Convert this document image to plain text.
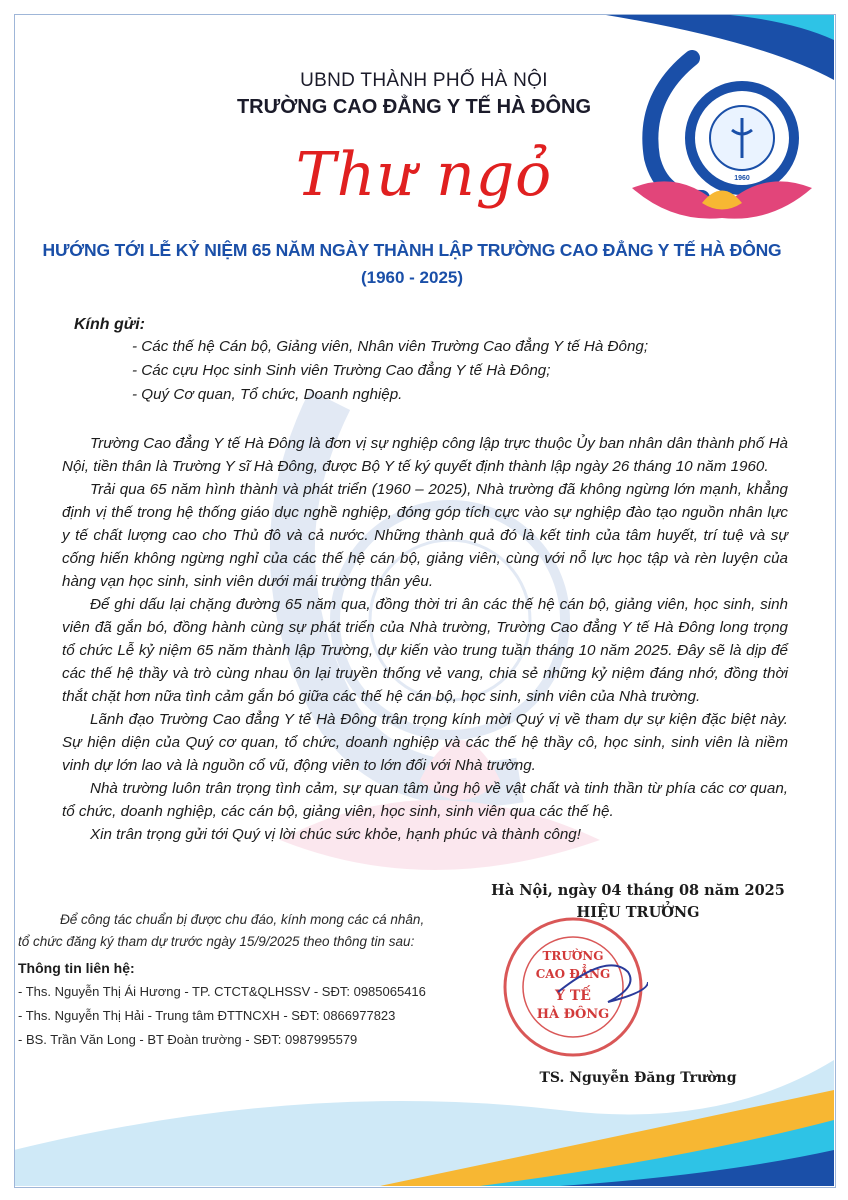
1960-2025
1960
UBND THÀNH PHỐ HÀ NỘI
TRƯỜNG CAO ĐẲNG Y TẾ HÀ ĐÔNG
Thư ngỏ
HƯỚNG TỚI LỄ KỶ NIỆM 65 NĂM NGÀY THÀNH LẬP TRƯỜNG CAO ĐẲNG Y TẾ HÀ ĐÔNG
(1960 - 2025)
Kính gửi:
- Các thế hệ Cán bộ, Giảng viên, Nhân viên Trường Cao đẳng Y tế Hà Đông;
- Các cựu Học sinh Sinh viên Trường Cao đẳng Y tế Hà Đông;
- Quý Cơ quan, Tổ chức, Doanh nghiệp.

Trường Cao đẳng Y tế Hà Đông là đơn vị sự nghiệp công lập trực thuộc Ủy ban nhân dân thành phố Hà Nội, tiền thân là Trường Y sĩ Hà Đông, được Bộ Y tế ký quyết định thành lập ngày 26 tháng 10 năm 1960.

Trải qua 65 năm hình thành và phát triển (1960 – 2025), Nhà trường đã không ngừng lớn mạnh, khẳng định vị thế trong hệ thống giáo dục nghề nghiệp, đóng góp tích cực vào sự nghiệp đào tạo nguồn nhân lực y tế chất lượng cao cho Thủ đô và cả nước. Những thành quả đó là kết tinh của tâm huyết, trí tuệ và sự cống hiến không ngừng nghỉ của các thế hệ cán bộ, giảng viên, cùng với nỗ lực học tập và rèn luyện của hàng vạn học sinh, sinh viên dưới mái trường thân yêu.

Để ghi dấu lại chặng đường 65 năm qua, đồng thời tri ân các thế hệ cán bộ, giảng viên, học sinh, sinh viên đã gắn bó, đồng hành cùng sự phát triển của Nhà trường, Trường Cao đẳng Y tế Hà Đông long trọng tổ chức Lễ kỷ niệm 65 năm thành lập Trường, dự kiến vào trung tuần tháng 10 năm 2025. Đây sẽ là dịp để các thế hệ thầy và trò cùng nhau ôn lại truyền thống vẻ vang, chia sẻ những kỷ niệm đáng nhớ, đồng thời thắt chặt hơn nữa tình cảm gắn bó giữa các thế hệ cán bộ, học sinh, sinh viên của Nhà trường.

Lãnh đạo Trường Cao đẳng Y tế Hà Đông trân trọng kính mời Quý vị về tham dự sự kiện đặc biệt này. Sự hiện diện của Quý cơ quan, tổ chức, doanh nghiệp và các thế hệ thầy cô, học sinh, sinh viên là niềm vinh dự lớn lao và là nguồn cổ vũ, động viên to lớn đối với Nhà trường.

Nhà trường luôn trân trọng tình cảm, sự quan tâm ủng hộ về vật chất và tinh thần từ phía các cơ quan, tổ chức, doanh nghiệp, các cán bộ, giảng viên, học sinh, sinh viên qua các thế hệ.

Xin trân trọng gửi tới Quý vị lời chúc sức khỏe, hạnh phúc và thành công!

Hà Nội, ngày 04 tháng 08 năm 2025
HIỆU TRƯỞNG
TRƯỜNG
CAO ĐẲNG
Y TẾ
HÀ ĐÔNG
TS. Nguyễn Đăng Trường
Để công tác chuẩn bị được chu đáo, kính mong các cá nhân,
tổ chức đăng ký tham dự trước ngày 15/9/2025 theo thông tin sau:
Thông tin liên hệ:
- Ths. Nguyễn Thị Ái Hương - TP. CTCT&QLHSSV - SĐT: 0985065416
- Ths. Nguyễn Thị Hải - Trung tâm ĐTTNCXH - SĐT: 0866977823
- BS. Trần Văn Long - BT Đoàn trường - SĐT: 0987995579
